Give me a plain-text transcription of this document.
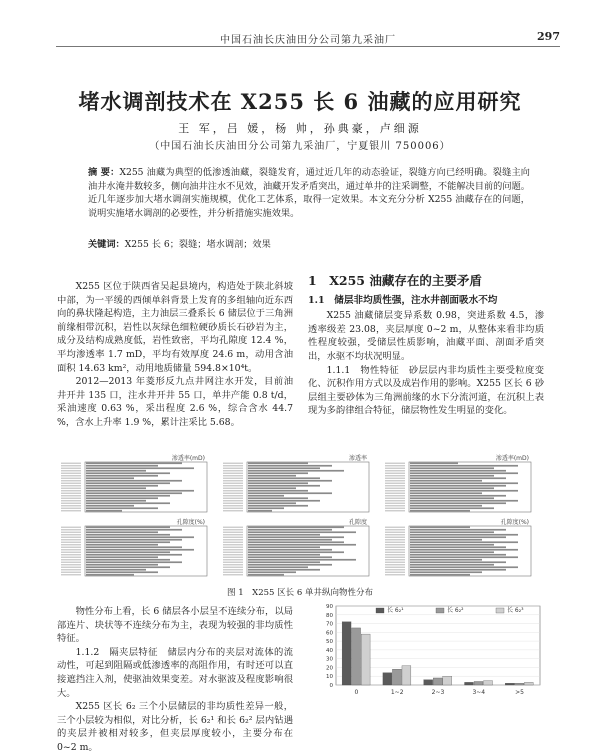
中国石油长庆油田分公司第九采油厂	297
堵水调剖技术在 X255 长 6 油藏的应用研究
王 军，吕 媛，杨 帅，孙典豪，卢细源
（中国石油长庆油田分公司第九采油厂，宁夏银川 750006）
摘 要：X255 油藏为典型的低渗透油藏，裂缝发育，通过近几年的动态验证，裂缝方向已经明确。裂缝主向油井水淹井数较多，侧向油井注水不见效，油藏开发矛盾突出，通过单井的注采调整，不能解决目前的问题。近几年逐步加大堵水调剖实施规模，优化工艺体系，取得一定效果。本文充分分析 X255 油藏存在的问题，说明实施堵水调剖的必要性，并分析措施实施效果。
关键词：X255 长 6；裂缝；堵水调剖；效果

X255 区位于陕西省吴起县境内，构造处于陕北斜坡中部，为一平缓的西倾单斜背景上发育的多组轴向近东西向的鼻状隆起构造，主力油层三叠系长 6 储层位于三角洲前缘相带沉积，岩性以灰绿色细粒硬砂质长石砂岩为主，成分及结构成熟度低，岩性致密，平均孔隙度 12.4 %，平均渗透率 1.7 mD，平均有效厚度 24.6 m，动用含油面积 14.63 km²，动用地质储量 594.8×10⁴t。

2012—2013 年菱形反九点井网注水开发，目前油井开井 135 口，注水井开井 55 口，单井产能 0.8 t/d，采油速度 0.63 %，采出程度 2.6 %，综合含水 44.7 %，含水上升率 1.9 %，累计注采比 5.68。

1　X255 油藏存在的主要矛盾
1.1　储层非均质性强，注水井剖面吸水不均

X255 油藏储层变异系数 0.98，突进系数 4.5，渗透率级差 23.08，夹层厚度 0~2 m，从整体来看非均质性程度较强，受储层性质影响，油藏平面、剖面矛盾突出，水驱不均状况明显。

1.1.1　物性特征　砂层层内非均质性主要受粒度变化、沉积作用方式以及成岩作用的影响。X255 区长 6 砂层组主要砂体为三角洲前缘的水下分流河道，在沉积上表现为多韵律组合特征，储层物性发生明显的变化。

渗透率(mD)	渗透率	渗透率(mD)
孔隙度(%)	孔隙度	孔隙度(%)
图 1　X255 区长 6 单井纵向物性分布

物性分布上看，长 6 储层各小层呈不连续分布，以局部连片、块状等不连续分布为主，表现为较强的非均质性特征。

1.1.2　隔夹层特征　储层内分布的夹层对流体的流动性，可起到阻隔或低渗透率的高阻作用，有时还可以直接遮挡注入剂，使驱油效果变差。对水驱波及程度影响很大。

X255 区长 6₂ 三个小层储层的非均质性差异一般，三个小层较为相似，对比分析，长 6₂¹ 和长 6₂² 层内钻遇的夹层并被相对较多，但夹层厚度较小，主要分布在 0~2 m。

90
80
70
60
50
40
30
20
10
0
0	1~2	2~3	3~4	>5
长 6₂¹	长 6₂²	长 6₂³
